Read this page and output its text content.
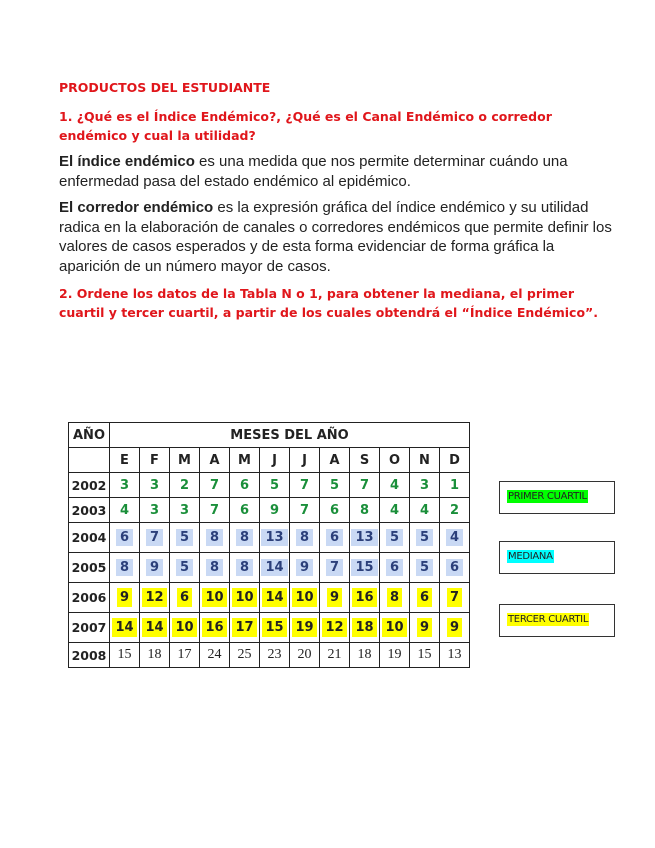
PRODUCTOS DEL ESTUDIANTE
1. ¿Qué es el Índice Endémico?, ¿Qué es el Canal Endémico o corredor endémico y cual la utilidad?
El índice endémico es una medida que nos permite determinar cuándo una enfermedad pasa del estado endémico al epidémico.
El corredor endémico es la expresión gráfica del índice endémico y su utilidad radica en la elaboración de canales o corredores endémicos que permite definir los valores de casos esperados y de esta forma evidenciar de forma gráfica la aparición de un número mayor de casos.
2. Ordene los datos de la Tabla N o 1, para obtener la mediana, el primer cuartil y tercer cuartil, a partir de los cuales obtendrá el “Índice Endémico”.
AÑO	MESES DEL AÑO											
	E	F	M	A	M	J	J	A	S	O	N	D
2002	3	3	2	7	6	5	7	5	7	4	3	1
2003	4	3	3	7	6	9	7	6	8	4	4	2
2004	6	7	5	8	8	13	8	6	13	5	5	4
2005	8	9	5	8	8	14	9	7	15	6	5	6
2006	9	12	6	10	10	14	10	9	16	8	6	7
2007	14	14	10	16	17	15	19	12	18	10	9	9
2008	15	18	17	24	25	23	20	21	18	19	15	13
PRIMER CUARTIL
MEDIANA
TERCER CUARTIL
